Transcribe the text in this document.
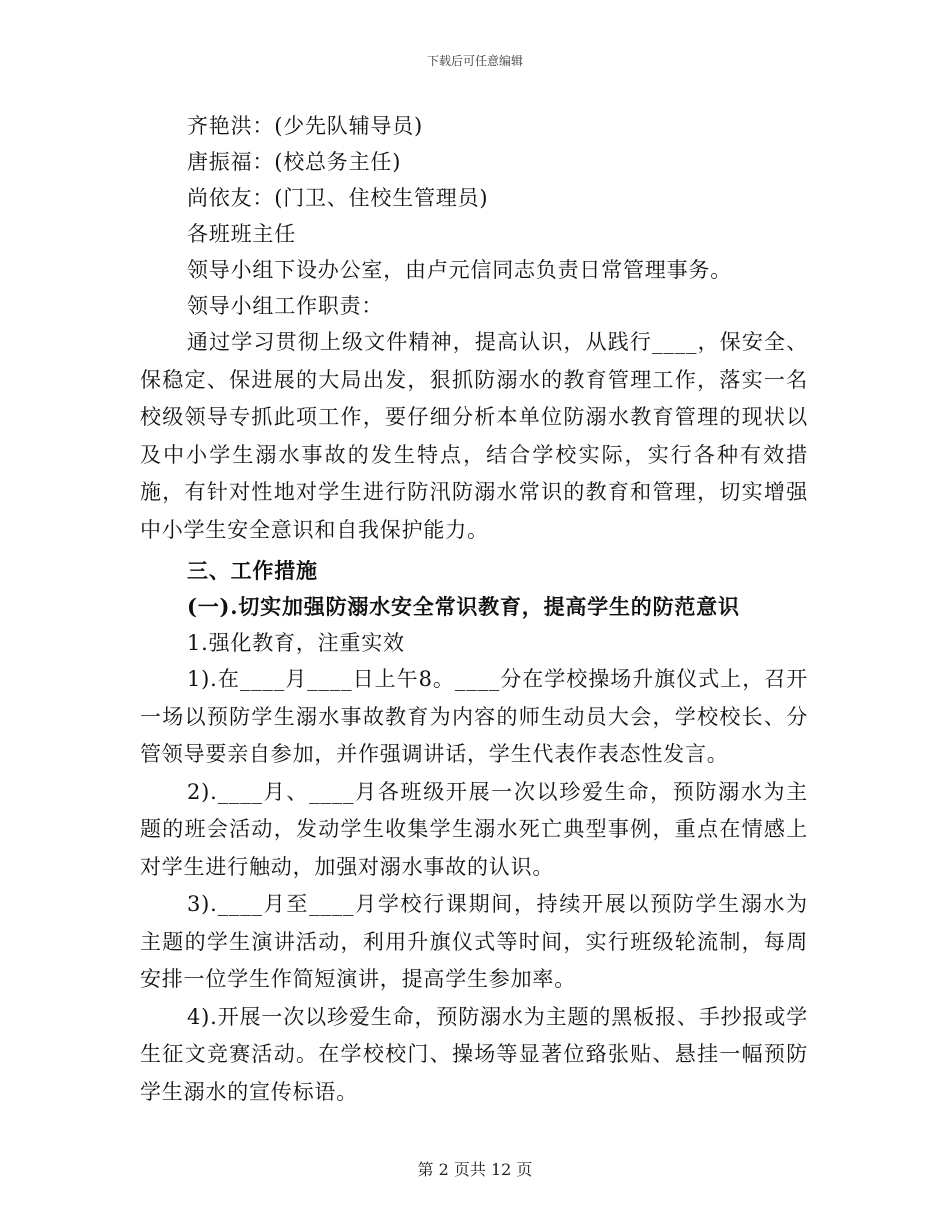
下载后可任意编辑
齐艳洪：(少先队辅导员)
唐振福：(校总务主任)
尚依友：(门卫、住校生管理员)
各班班主任
领导小组下设办公室，由卢元信同志负责日常管理事务。
领导小组工作职责：

通过学习贯彻上级文件精神，提高认识，从践行____，保安全、保稳定、保进展的大局出发，狠抓防溺水的教育管理工作，落实一名校级领导专抓此项工作，要仔细分析本单位防溺水教育管理的现状以及中小学生溺水事故的发生特点，结合学校实际，实行各种有效措施，有针对性地对学生进行防汛防溺水常识的教育和管理，切实增强中小学生安全意识和自我保护能力。

三、工作措施
(一).切实加强防溺水安全常识教育，提高学生的防范意识
1.强化教育，注重实效

1).在____月____日上午8。____分在学校操场升旗仪式上，召开一场以预防学生溺水事故教育为内容的师生动员大会，学校校长、分管领导要亲自参加，并作强调讲话，学生代表作表态性发言。

2).____月、____月各班级开展一次以珍爱生命，预防溺水为主题的班会活动，发动学生收集学生溺水死亡典型事例，重点在情感上对学生进行触动，加强对溺水事故的认识。

3).____月至____月学校行课期间，持续开展以预防学生溺水为主题的学生演讲活动，利用升旗仪式等时间，实行班级轮流制，每周安排一位学生作简短演讲，提高学生参加率。

4).开展一次以珍爱生命，预防溺水为主题的黑板报、手抄报或学生征文竞赛活动。在学校校门、操场等显著位臵张贴、悬挂一幅预防学生溺水的宣传标语。

第 2 页共 12 页
